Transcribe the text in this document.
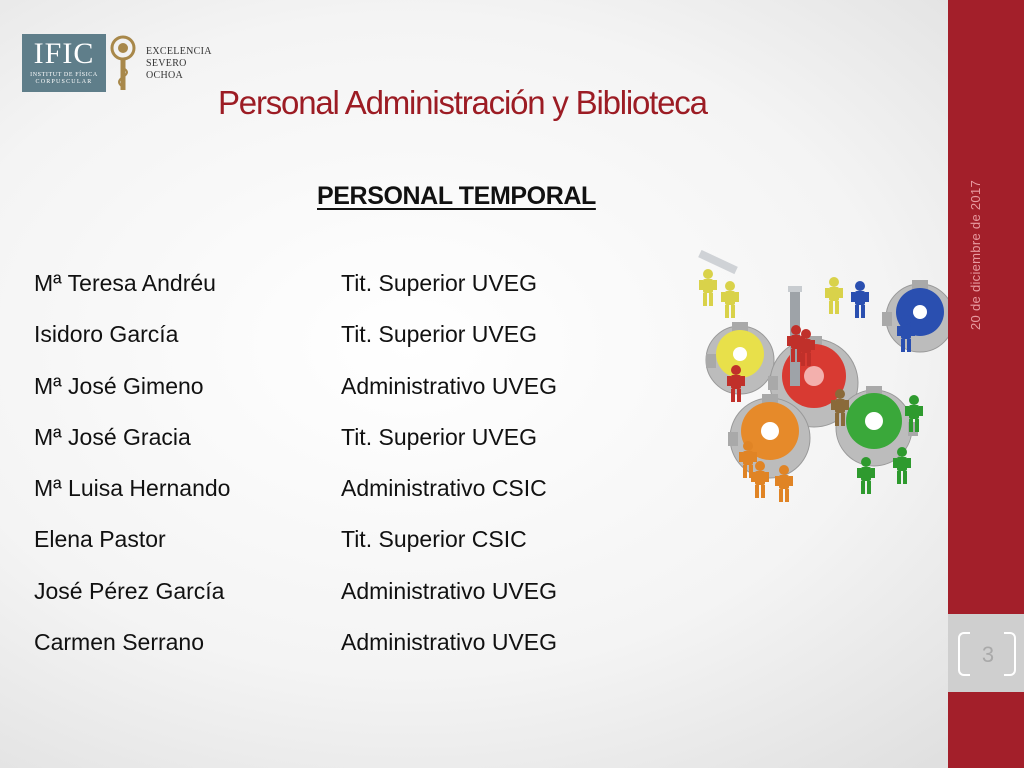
IFIC
INSTITUT DE FÍSICA
CORPUSCULAR
EXCELENCIA
SEVERO
OCHOA
Personal Administración y Biblioteca
PERSONAL TEMPORAL
Mª Teresa Andréu	Tit. Superior UVEG
Isidoro García	Tit. Superior UVEG
Mª José Gimeno	Administrativo UVEG
Mª José Gracia	Tit. Superior UVEG
Mª Luisa Hernando	Administrativo CSIC
Elena Pastor	Tit. Superior CSIC
José Pérez García	Administrativo UVEG
Carmen Serrano	Administrativo UVEG
20 de diciembre de 2017
3
